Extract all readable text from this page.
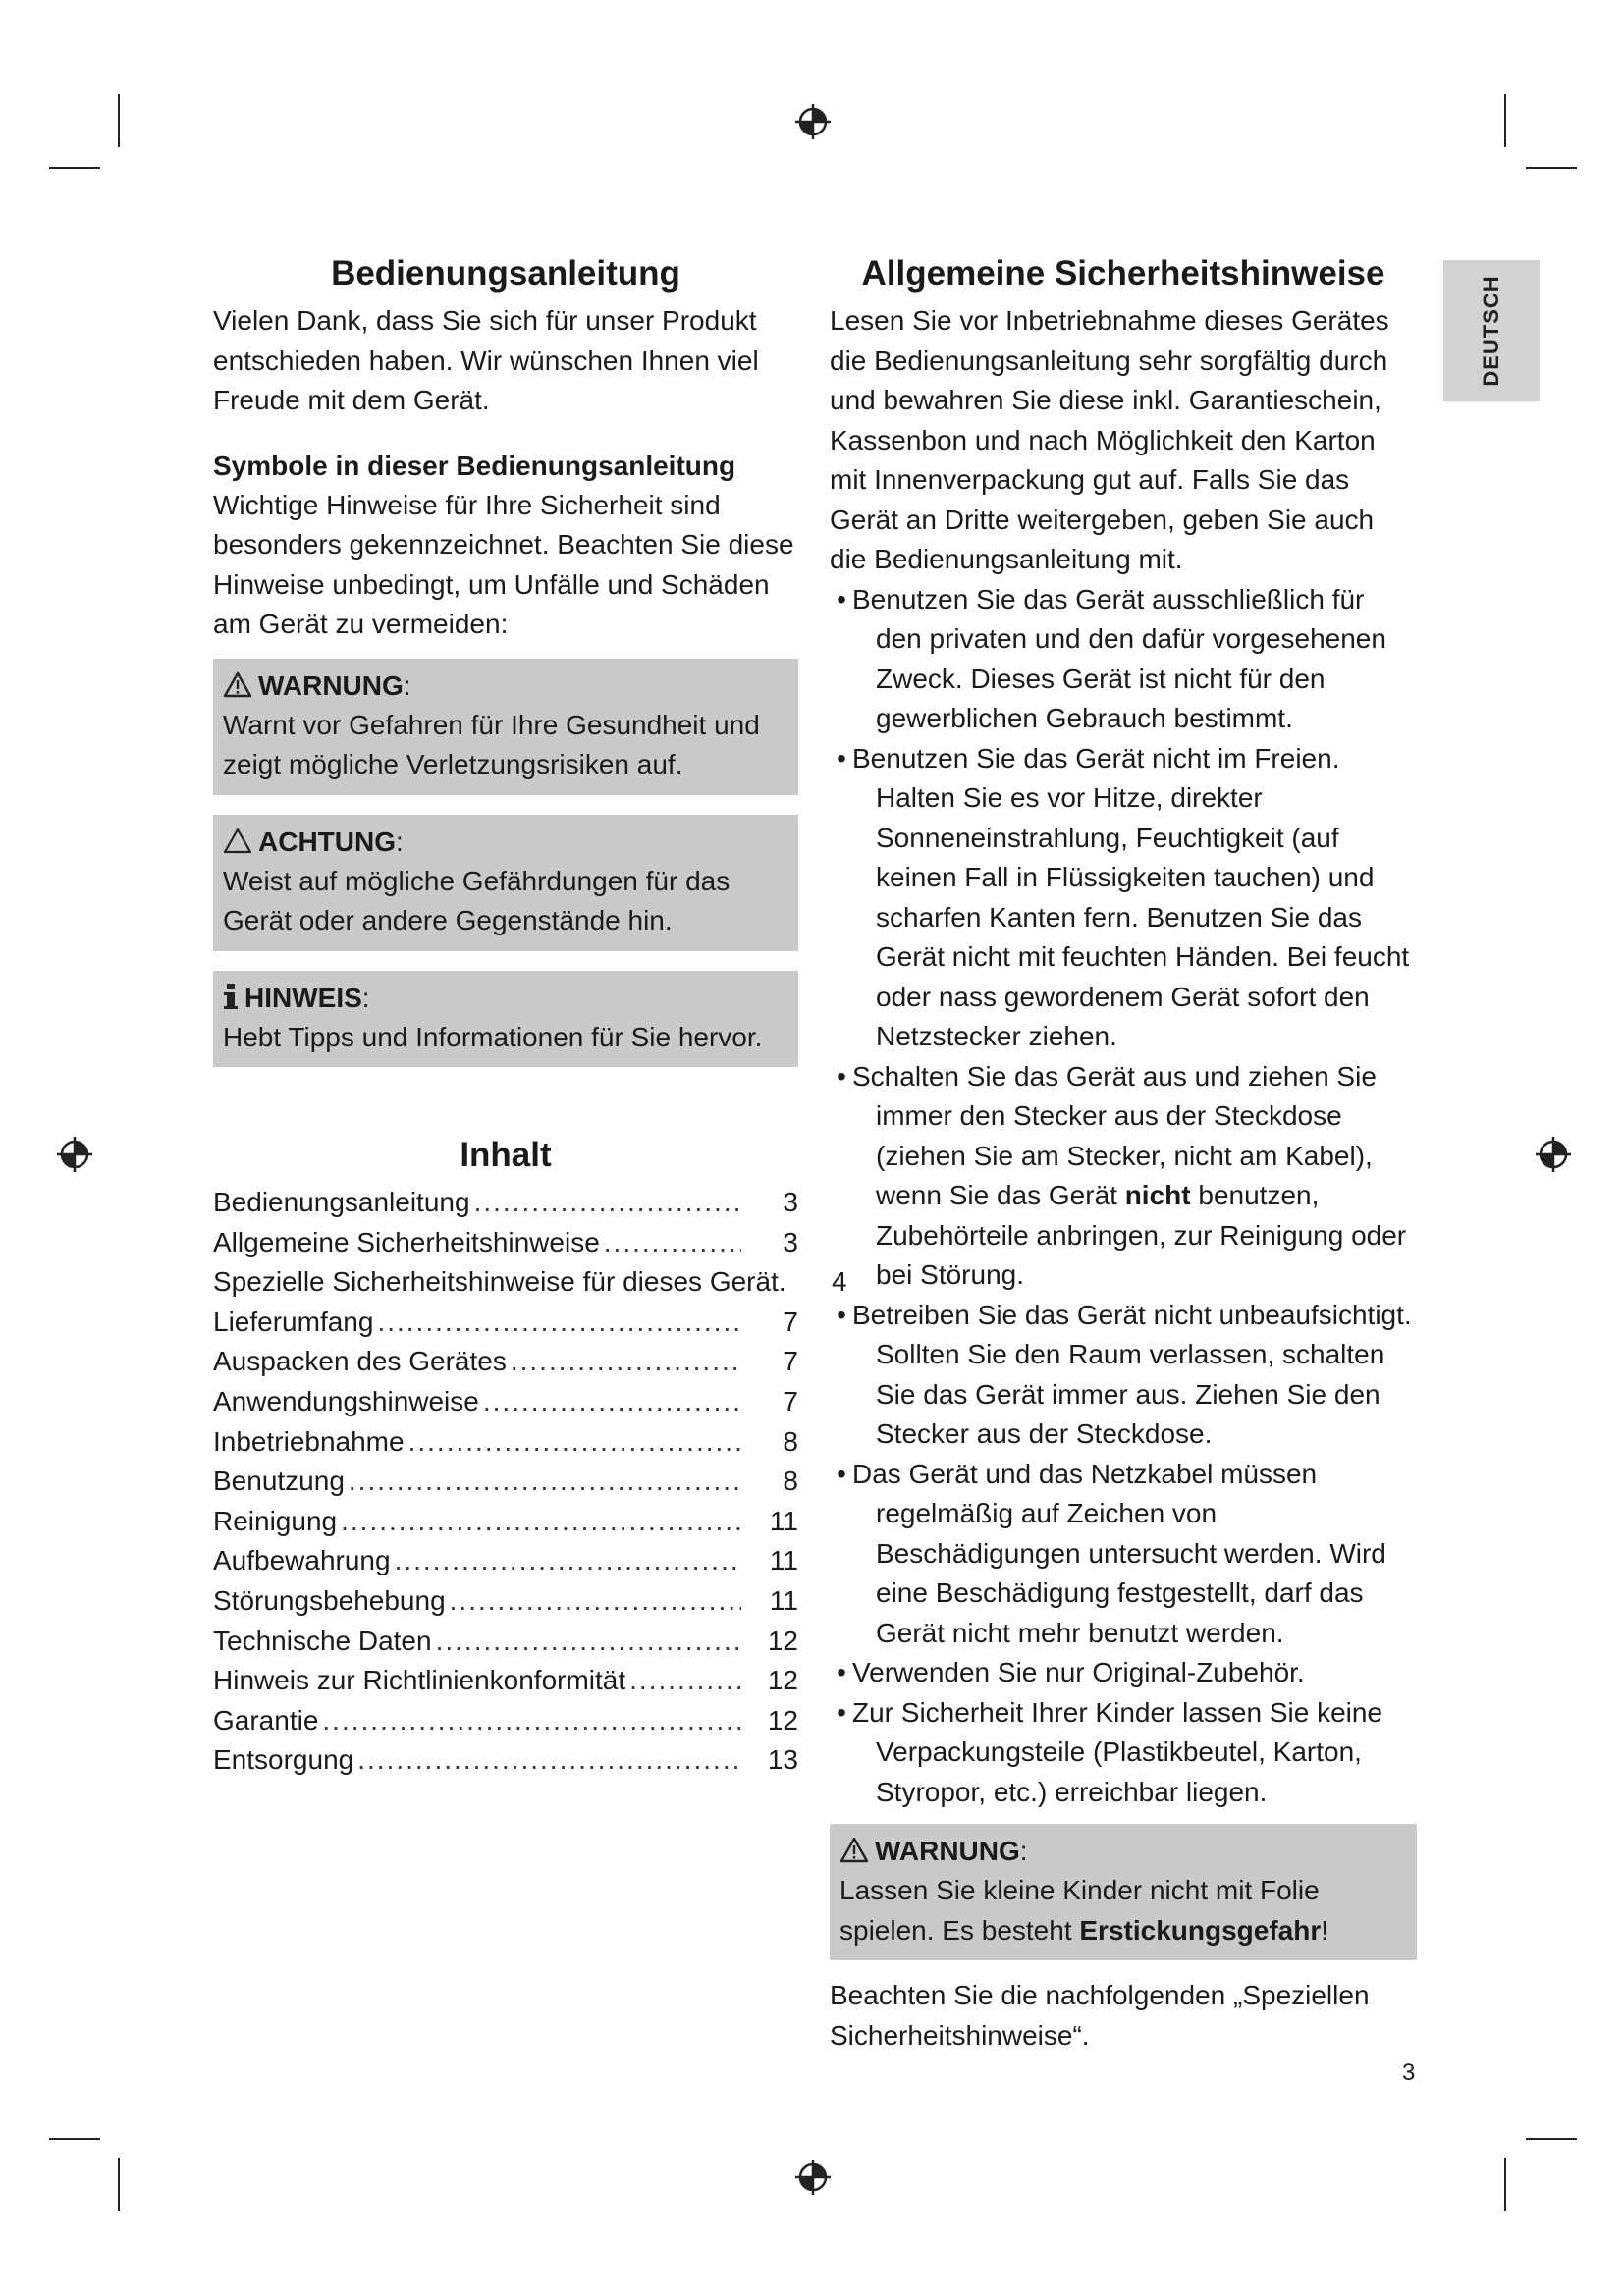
DEUTSCH
Bedienungsanleitung

Vielen Dank, dass Sie sich für unser Produkt entschieden haben. Wir wünschen Ihnen viel Freude mit dem Gerät.

Symbole in dieser Bedienungsanleitung

Wichtige Hinweise für Ihre Sicherheit sind besonders gekennzeichnet. Beachten Sie diese Hinweise unbedingt, um Unfälle und Schäden am Gerät zu vermeiden:

WARNUNG:
Warnt vor Gefahren für Ihre Gesundheit und zeigt mögliche Verletzungsrisiken auf.
ACHTUNG:
Weist auf mögliche Gefährdungen für das Gerät oder andere Gegenstände hin.
HINWEIS:
Hebt Tipps und Informationen für Sie hervor.
Inhalt
Bedienungsanleitung .....	3
Allgemeine Sicherheitshinweise .....	3
Spezielle Sicherheitshinweise für dieses Gerät.	4
Lieferumfang .....	7
Auspacken des Gerätes .....	7
Anwendungshinweise .....	7
Inbetriebnahme .....	8
Benutzung .....	8
Reinigung .....	11
Aufbewahrung .....	11
Störungsbehebung .....	11
Technische Daten .....	12
Hinweis zur Richtlinienkonformität .....	12
Garantie .....	12
Entsorgung .....	13
Allgemeine Sicherheitshinweise

Lesen Sie vor Inbetriebnahme dieses Gerätes die Bedienungsanleitung sehr sorgfältig durch und bewahren Sie diese inkl. Garantieschein, Kassenbon und nach Möglichkeit den Karton mit Innenverpackung gut auf. Falls Sie das Gerät an Dritte weitergeben, geben Sie auch die Bedienungsanleitung mit.

• Benutzen Sie das Gerät ausschließlich für den privaten und den dafür vorgesehenen Zweck. Dieses Gerät ist nicht für den gewerblichen Gebrauch bestimmt.
• Benutzen Sie das Gerät nicht im Freien. Halten Sie es vor Hitze, direkter Sonneneinstrahlung, Feuchtigkeit (auf keinen Fall in Flüssigkeiten tauchen) und scharfen Kanten fern. Benutzen Sie das Gerät nicht mit feuchten Händen. Bei feucht oder nass gewordenem Gerät sofort den Netzstecker ziehen.
• Schalten Sie das Gerät aus und ziehen Sie immer den Stecker aus der Steckdose (ziehen Sie am Stecker, nicht am Kabel), wenn Sie das Gerät nicht benutzen, Zubehörteile anbringen, zur Reinigung oder bei Störung.
• Betreiben Sie das Gerät nicht unbeaufsichtigt. Sollten Sie den Raum verlassen, schalten Sie das Gerät immer aus. Ziehen Sie den Stecker aus der Steckdose.
• Das Gerät und das Netzkabel müssen regelmäßig auf Zeichen von Beschädigungen untersucht werden. Wird eine Beschädigung festgestellt, darf das Gerät nicht mehr benutzt werden.
• Verwenden Sie nur Original-Zubehör.
• Zur Sicherheit Ihrer Kinder lassen Sie keine Verpackungsteile (Plastikbeutel, Karton, Styropor, etc.) erreichbar liegen.
WARNUNG:
Lassen Sie kleine Kinder nicht mit Folie spielen. Es besteht Erstickungsgefahr!

Beachten Sie die nachfolgenden „Speziellen Sicherheitshinweise“.

3
